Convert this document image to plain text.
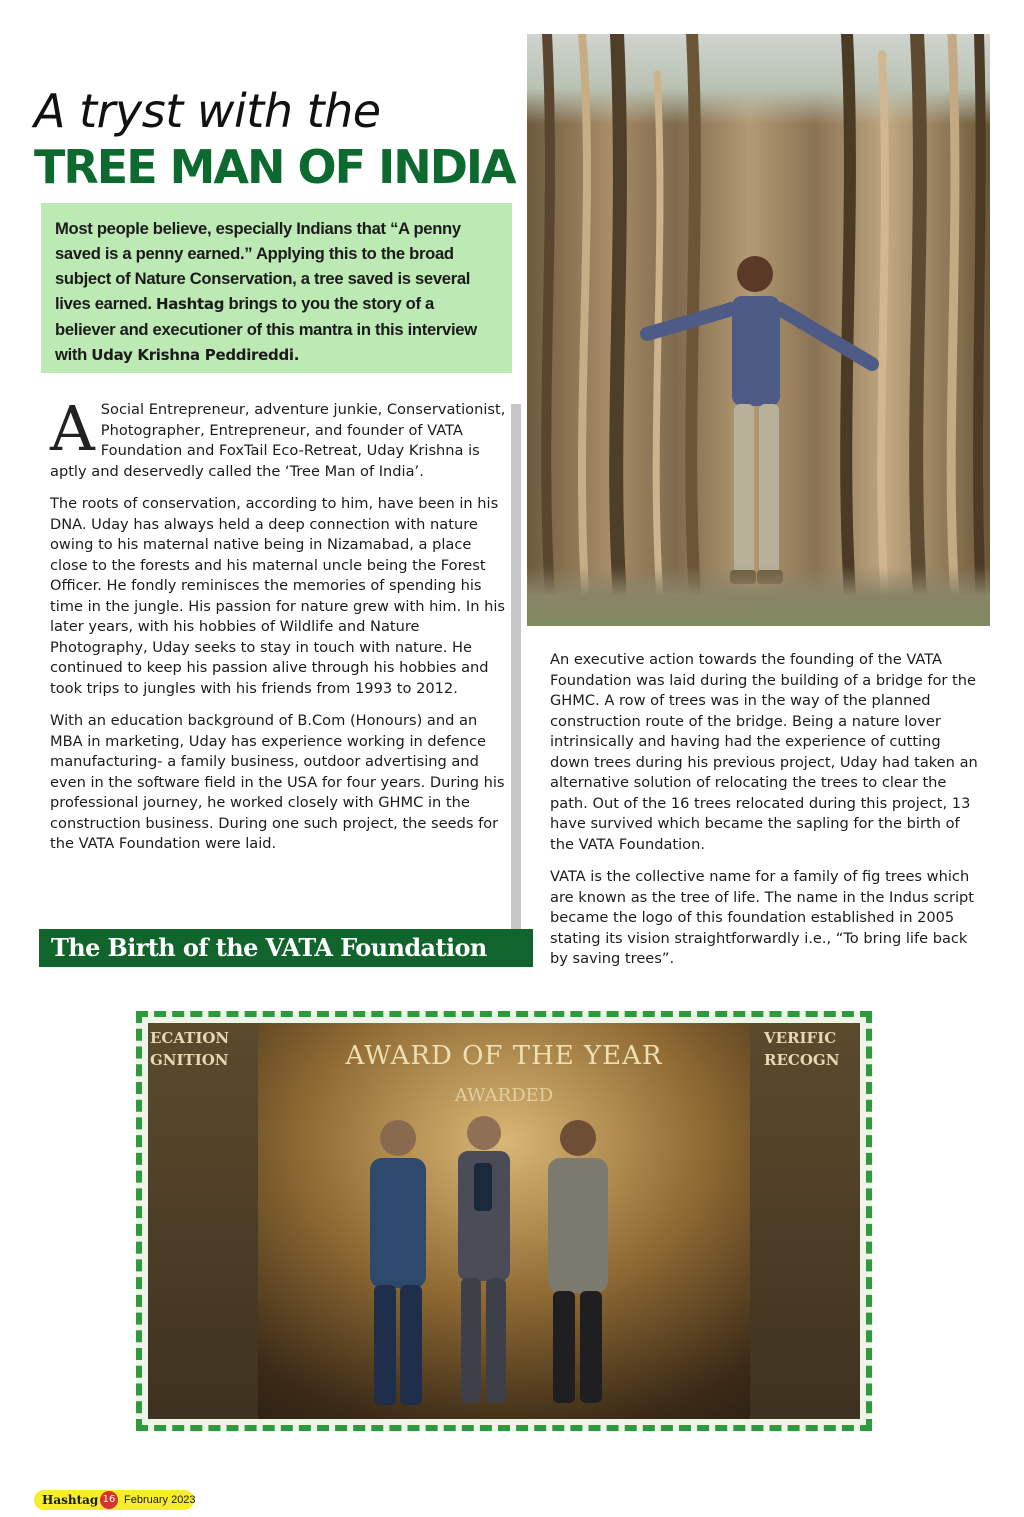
A tryst with the
TREE MAN OF INDIA

Most people believe, especially Indians that “A penny saved is a penny earned.” Applying this to the broad subject of Nature Conservation, a tree saved is several lives earned. Hashtag brings to you the story of a believer and executioner of this mantra in this interview with Uday Krishna Peddireddi.

A Social Entrepreneur, adventure junkie, Conservationist, Photographer, Entrepreneur, and founder of VATA Foundation and FoxTail Eco-Retreat, Uday Krishna is aptly and deservedly called the ‘Tree Man of India’.

The roots of conservation, according to him, have been in his DNA. Uday has always held a deep connection with nature owing to his maternal native being in Nizamabad, a place close to the forests and his maternal uncle being the Forest Officer. He fondly reminisces the memories of spending his time in the jungle. His passion for nature grew with him. In his later years, with his hobbies of Wildlife and Nature Photography, Uday seeks to stay in touch with nature. He continued to keep his passion alive through his hobbies and took trips to jungles with his friends from 1993 to 2012.

With an education background of B.Com (Honours) and an MBA in marketing, Uday has experience working in defence manufacturing- a family business, outdoor advertising and even in the software field in the USA for four years. During his professional journey, he worked closely with GHMC in the construction business. During one such project, the seeds for the VATA Foundation were laid.

The Birth of the VATA Foundation

An executive action towards the founding of the VATA Foundation was laid during the building of a bridge for the GHMC. A row of trees was in the way of the planned construction route of the bridge. Being a nature lover intrinsically and having had the experience of cutting down trees during his previous project, Uday had taken an alternative solution of relocating the trees to clear the path. Out of the 16 trees relocated during this project, 13 have survived which became the sapling for the birth of the VATA Foundation.

VATA is the collective name for a family of fig trees which are known as the tree of life. The name in the Indus script became the logo of this foundation established in 2005 stating its vision straightforwardly i.e., “To bring life back by saving trees”.

ECATION
GNITION
VERIFIC
RECOGN
AWARD OF THE YEAR
AWARDED
Hashtag 16 February 2023
